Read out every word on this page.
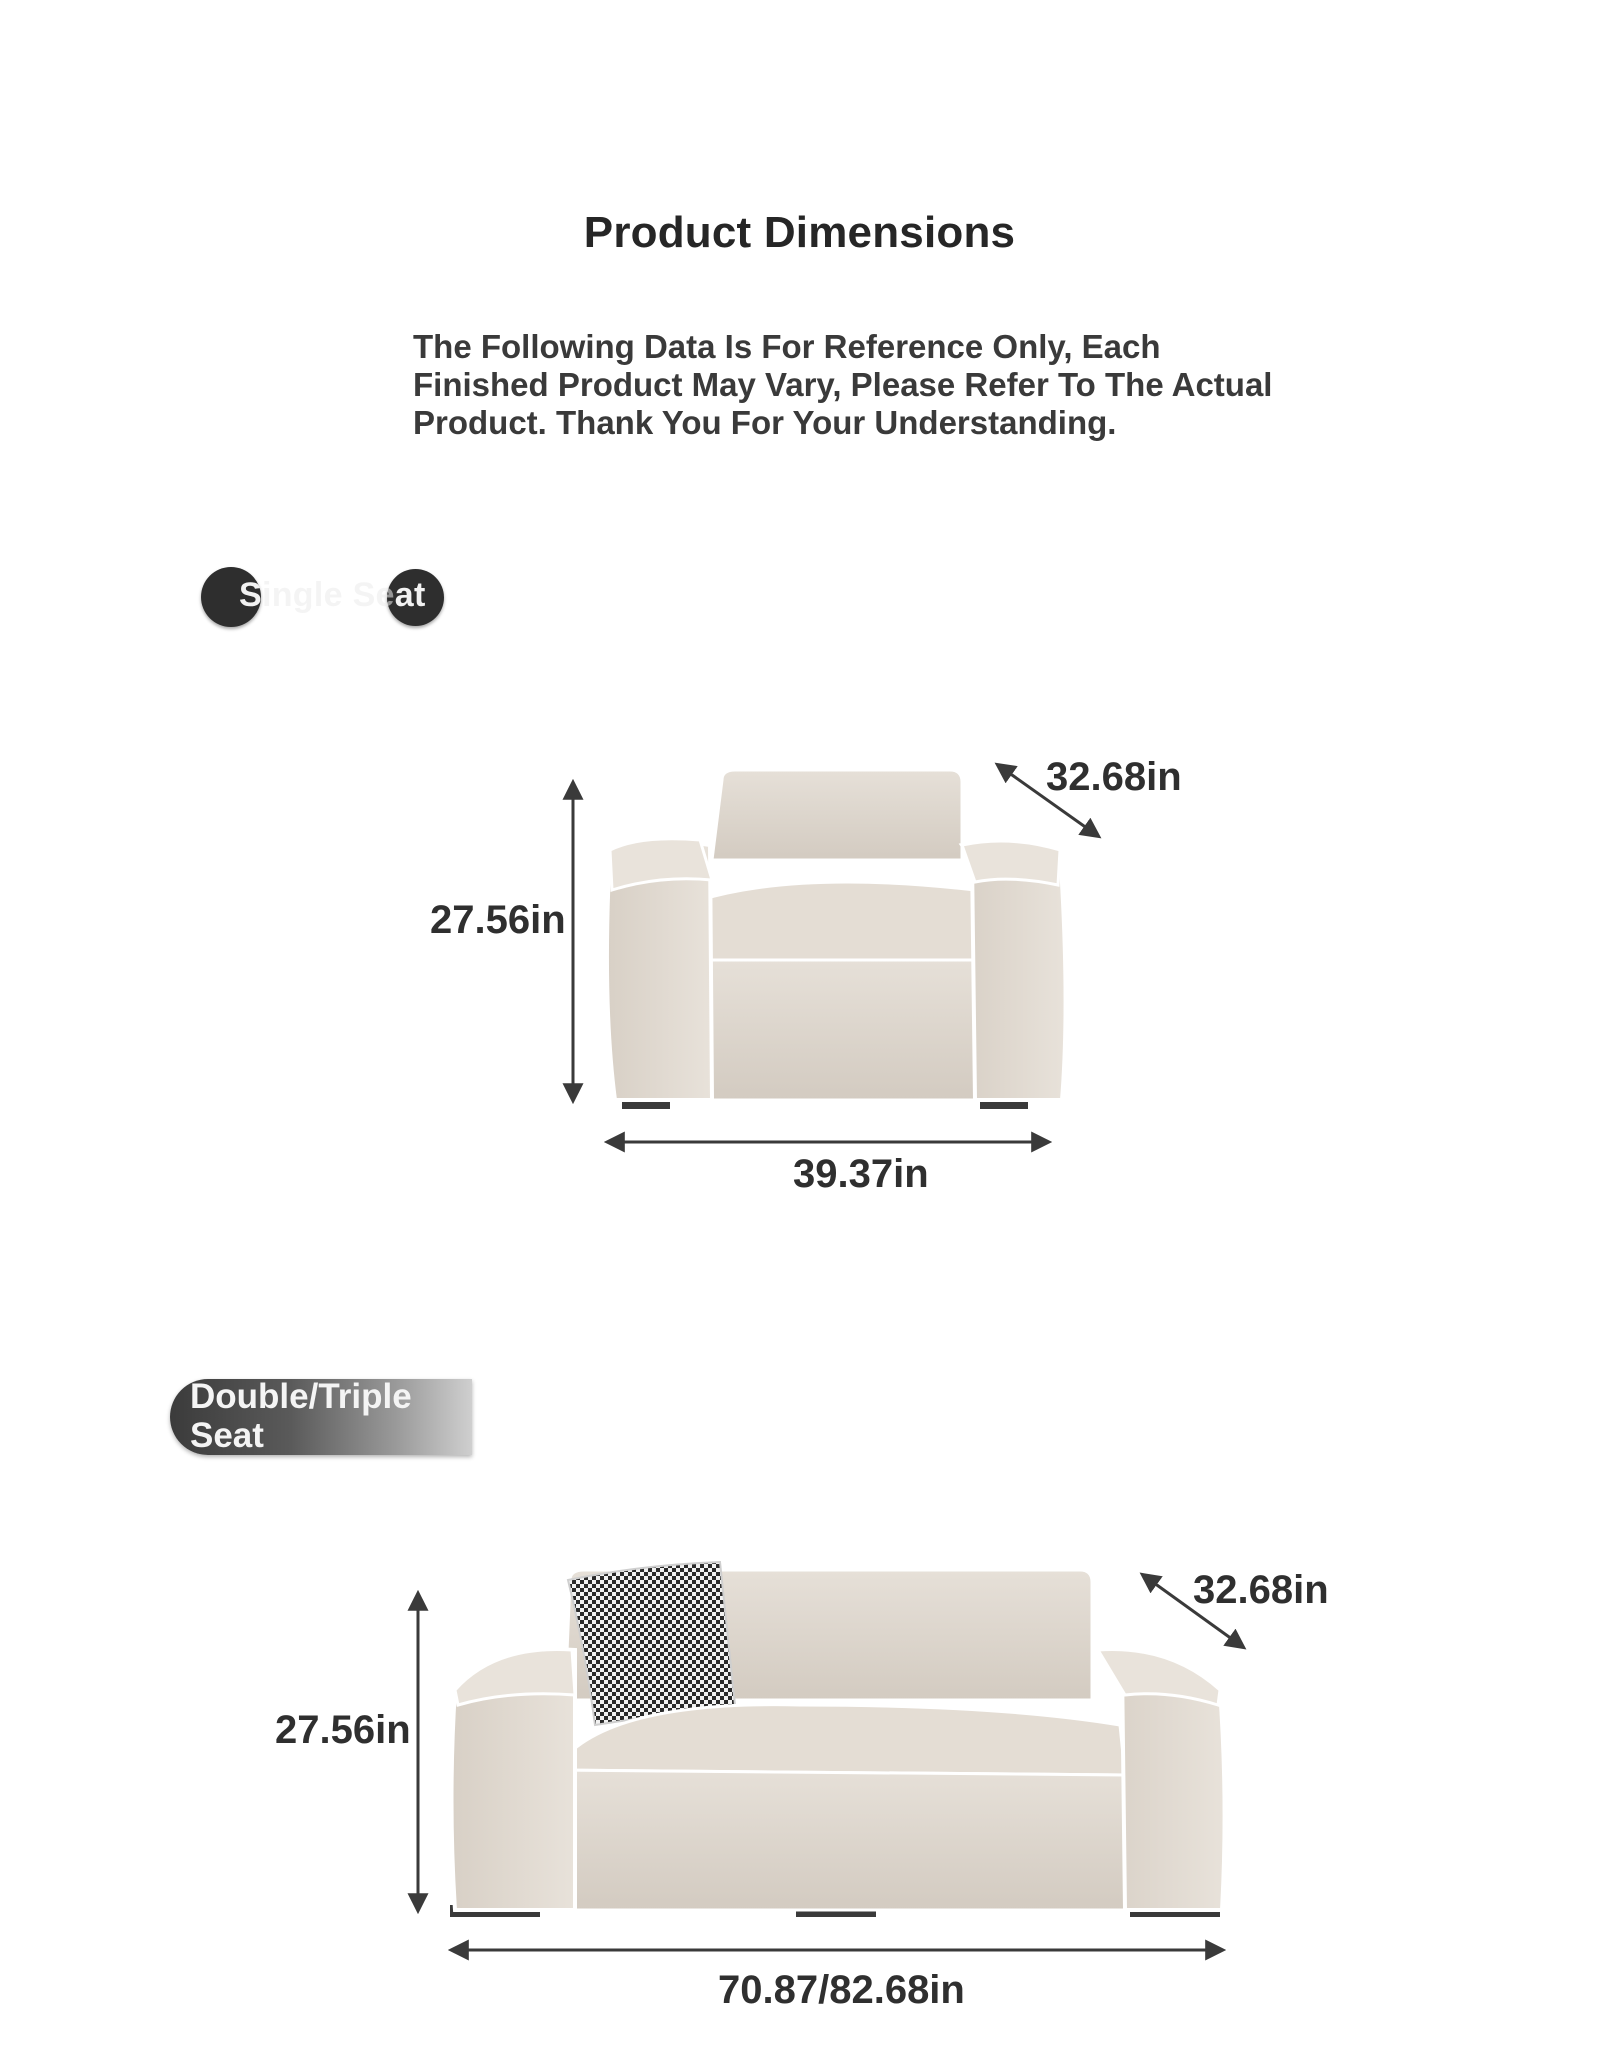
Product Dimensions
The Following Data Is For Reference Only, Each Finished Product May Vary, Please Refer To The Actual Product. Thank You For Your Understanding.
Single Seat
Double/Triple
Seat
32.68in
27.56in
39.37in
32.68in
27.56in
70.87/82.68in
